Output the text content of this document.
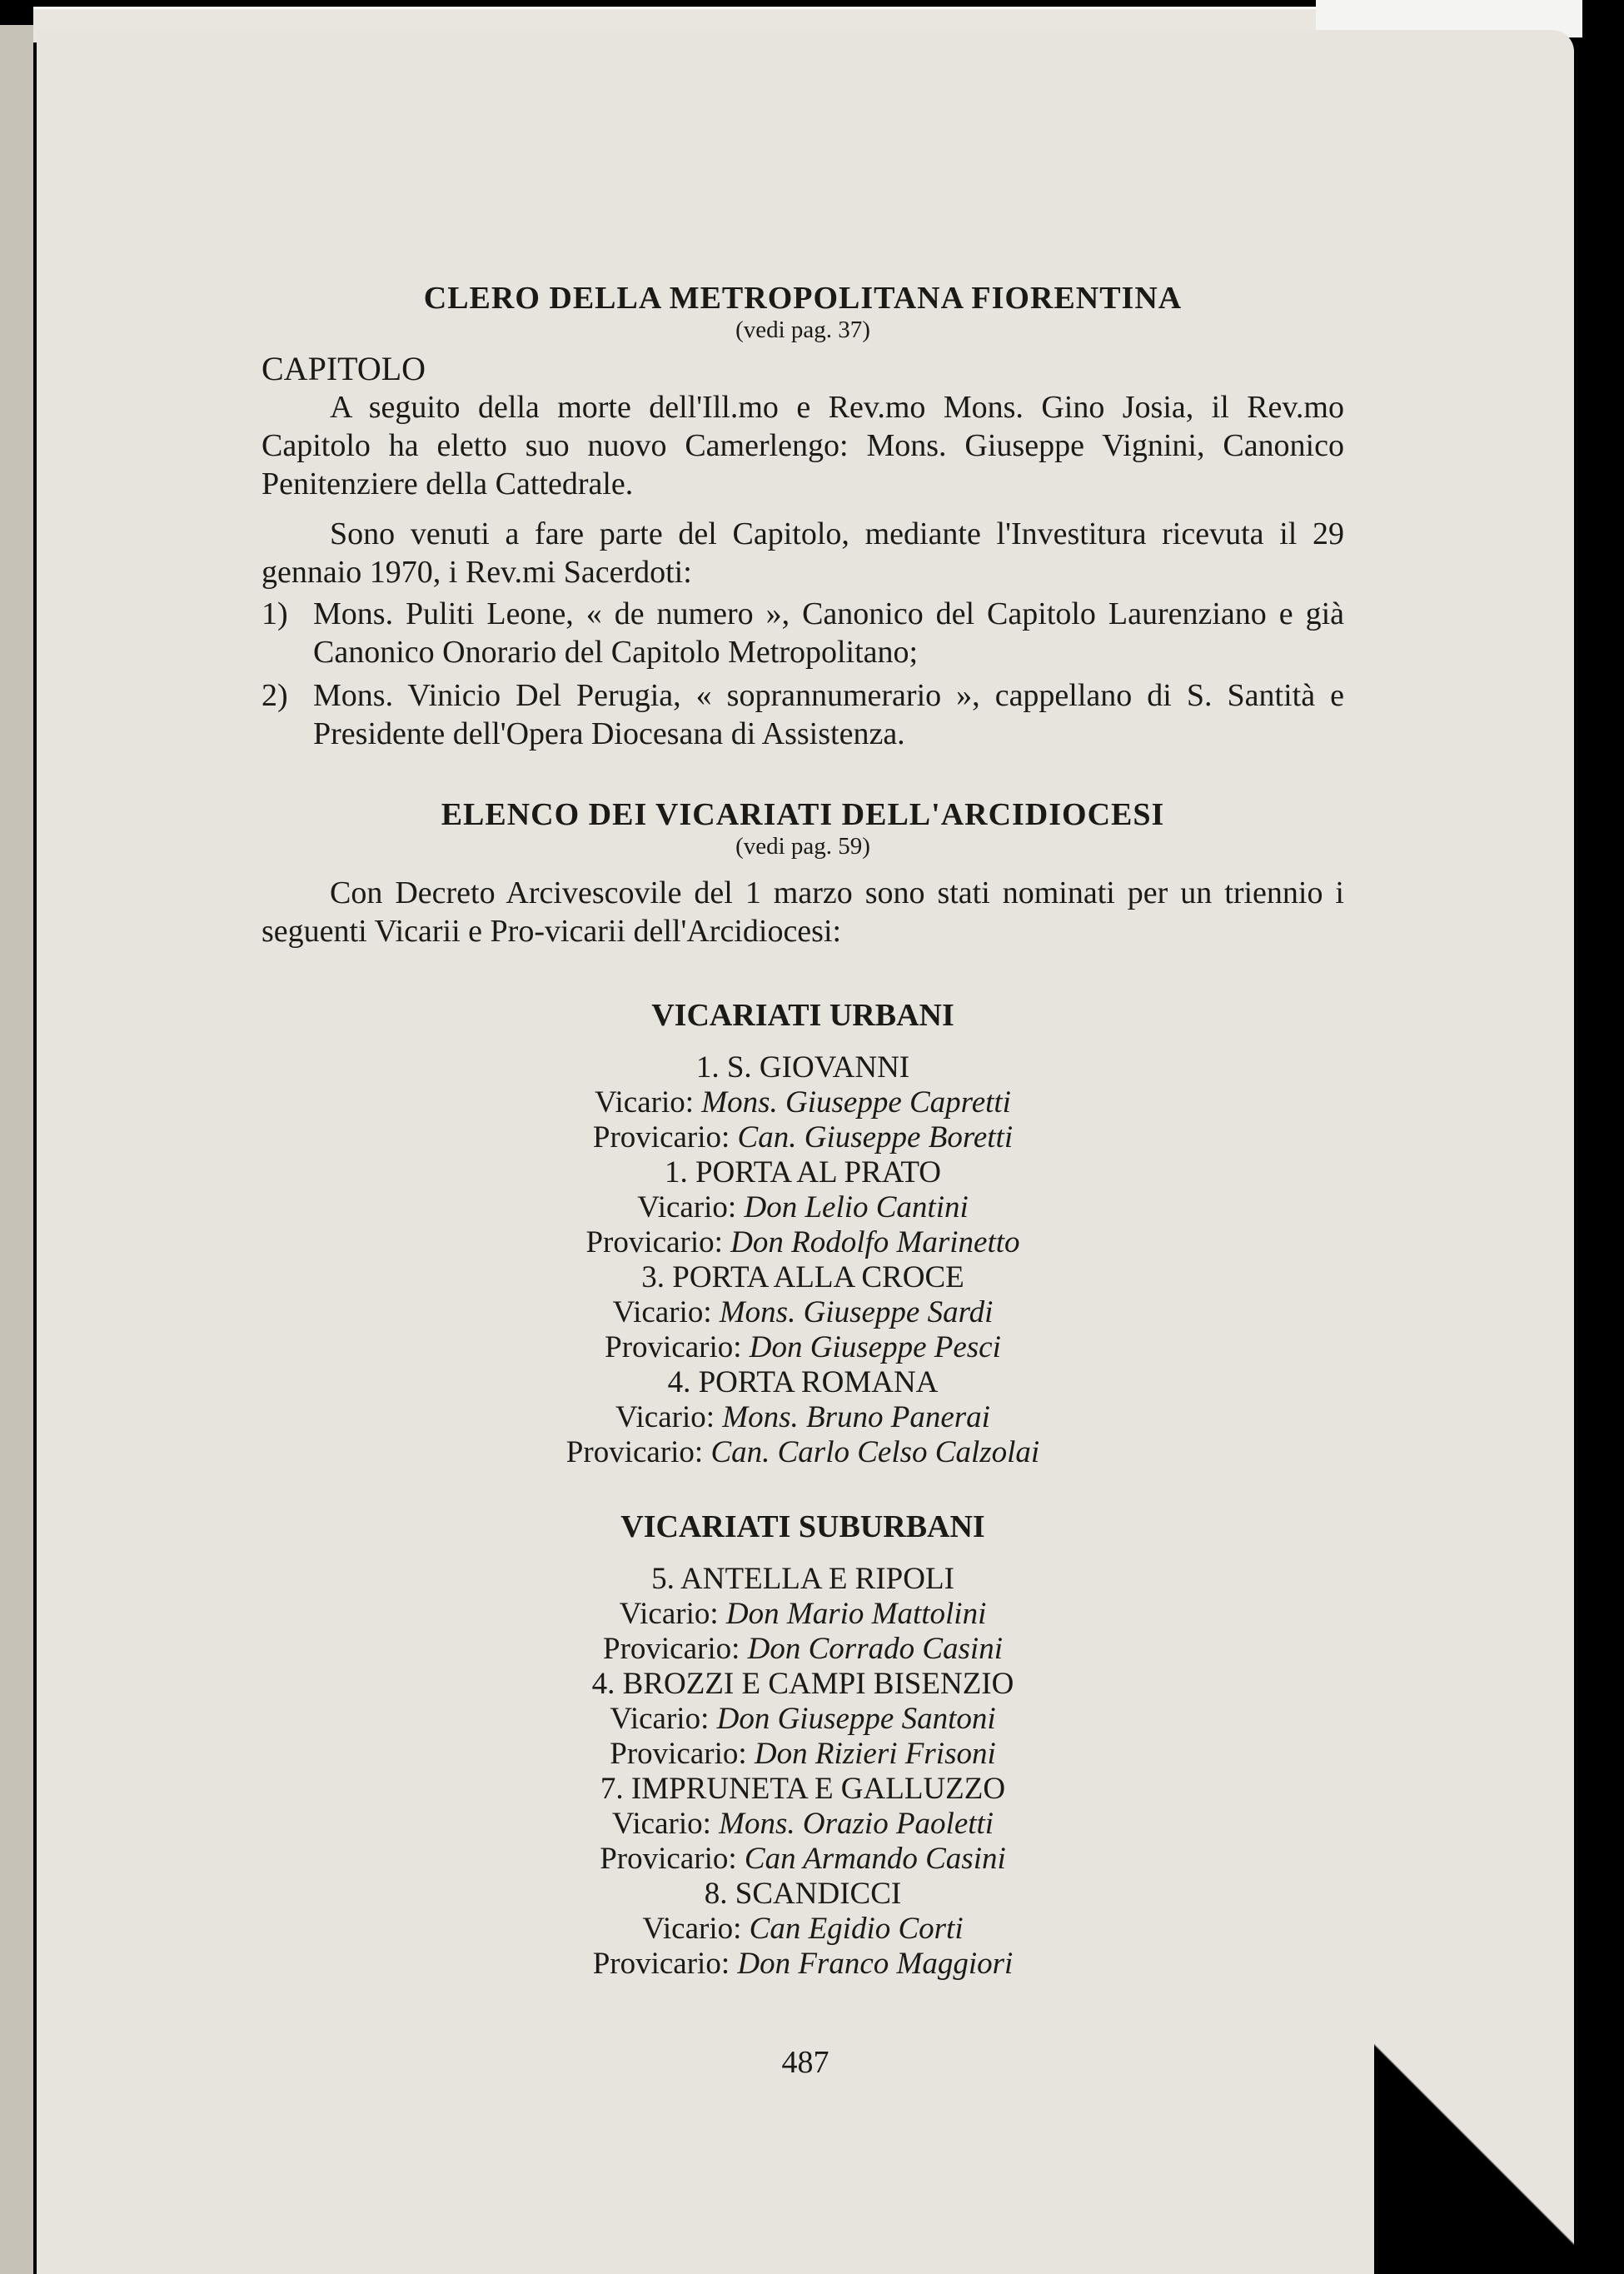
CLERO DELLA METROPOLITANA FIORENTINA
(vedi pag. 37)
CAPITOLO

A seguito della morte dell'Ill.mo e Rev.mo Mons. Gino Josia, il Rev.mo Capitolo ha eletto suo nuovo Camerlengo: Mons. Giuseppe Vignini, Canonico Penitenziere della Cattedrale.

Sono venuti a fare parte del Capitolo, mediante l'Investitura ricevuta il 29 gennaio 1970, i Rev.mi Sacerdoti:

1) Mons. Puliti Leone, « de numero », Canonico del Capitolo Laurenziano e già Canonico Onorario del Capitolo Metropolitano;
2) Mons. Vinicio Del Perugia, « soprannumerario », cappellano di S. Santità e Presidente dell'Opera Diocesana di Assistenza.
ELENCO DEI VICARIATI DELL'ARCIDIOCESI
(vedi pag. 59)

Con Decreto Arcivescovile del 1 marzo sono stati nominati per un triennio i seguenti Vicarii e Pro-vicarii dell'Arcidiocesi:

VICARIATI URBANI
1. S. GIOVANNI
Vicario: Mons. Giuseppe Capretti
Provicario: Can. Giuseppe Boretti
1. PORTA AL PRATO
Vicario: Don Lelio Cantini
Provicario: Don Rodolfo Marinetto
3. PORTA ALLA CROCE
Vicario: Mons. Giuseppe Sardi
Provicario: Don Giuseppe Pesci
4. PORTA ROMANA
Vicario: Mons. Bruno Panerai
Provicario: Can. Carlo Celso Calzolai
VICARIATI SUBURBANI
5. ANTELLA E RIPOLI
Vicario: Don Mario Mattolini
Provicario: Don Corrado Casini
4. BROZZI E CAMPI BISENZIO
Vicario: Don Giuseppe Santoni
Provicario: Don Rizieri Frisoni
7. IMPRUNETA E GALLUZZO
Vicario: Mons. Orazio Paoletti
Provicario: Can Armando Casini
8. SCANDICCI
Vicario: Can Egidio Corti
Provicario: Don Franco Maggiori
487
